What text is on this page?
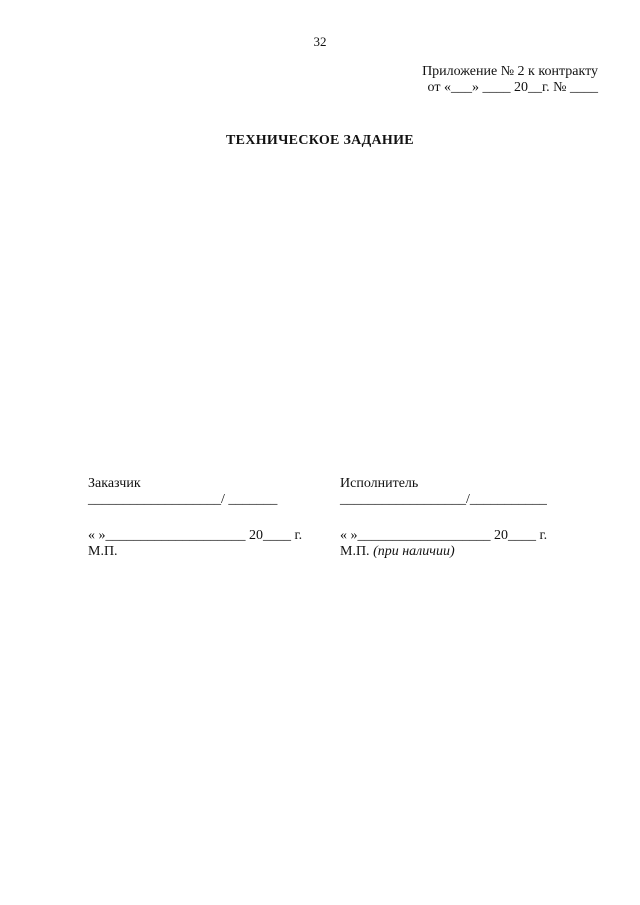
32
Приложение № 2 к контракту
от «___» ____ 20__г. № ____
ТЕХНИЧЕСКОЕ ЗАДАНИЕ
Заказчик
___________________/ _______
« »____________________ 20____ г.
М.П.
Исполнитель
__________________/___________
« »___________________ 20____ г.
М.П. (при наличии)
